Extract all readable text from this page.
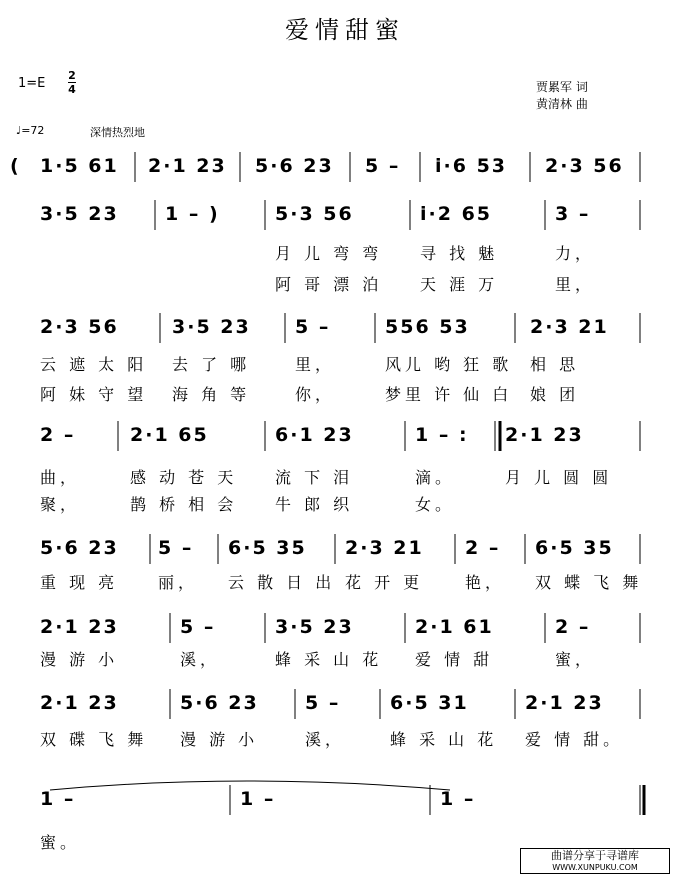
爱情甜蜜
1=E
2
4	贾累军 词
黄清林 曲
♩=72	深情热烈地
( 1·5 61 2·1 23 5·6 23 5 – i·6 53 2·3 56
3·5 23 1 – )	5·3 56	i·2 65	3 –
月 儿 弯 弯 寻 找 魅	力，
阿 哥 漂 泊 天 涯 万	里，
2·3 56	3·5 23 5 –	556 53	2·3 21
云 遮 太 阳 去 了 哪	里，	风儿 哟 狂 歌 相 思
阿 妹 守 望 海 角 等	你，	梦里 许 仙 白 娘 团
2 –	2·1 65	6·1 23	1 – : 2·1 23
曲，	感 动 苍 天 流 下 泪	滴。	月 儿 圆 圆
聚，	鹊 桥 相 会 牛 郎 织	女。
5·6 23 5 – 6·5 35 2·3 21 2 – 6·5 35
重 现 亮 丽， 云 散 日 出 花 开 更	艳， 双 蝶 飞 舞
2·1 23	5 –	3·5 23	2·1 61	2 –
漫 游 小	溪，	蜂 采 山 花 爱 情 甜	蜜，
2·1 23	5·6 23 5 –	6·5 31	2·1 23
双 碟 飞 舞 漫 游 小	溪，	蜂 采 山 花 爱 情 甜。
1 –	1 –	1 –
蜜。
曲谱分享于寻谱库
WWW.XUNPUKU.COM
